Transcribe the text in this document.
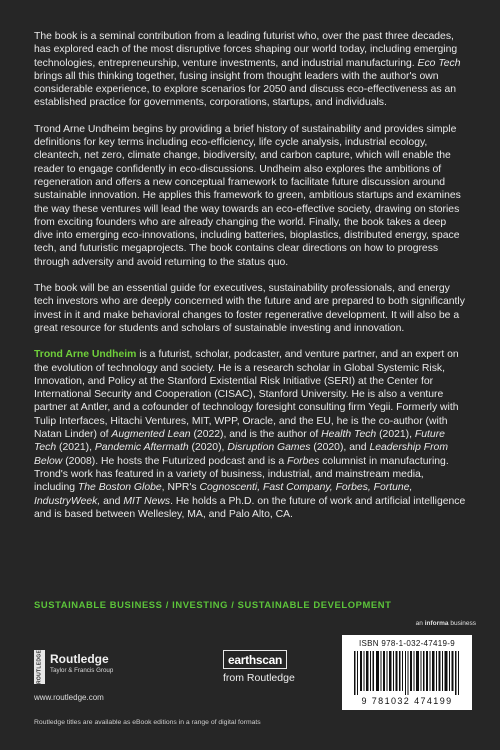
The book is a seminal contribution from a leading futurist who, over the past three decades, has explored each of the most disruptive forces shaping our world today, including emerging technologies, entrepreneurship, venture investments, and industrial manufacturing. Eco Tech brings all this thinking together, fusing insight from thought leaders with the author's own considerable experience, to explore scenarios for 2050 and discuss eco-effectiveness as an established practice for governments, corporations, startups, and individuals.

Trond Arne Undheim begins by providing a brief history of sustainability and provides simple definitions for key terms including eco-efficiency, life cycle analysis, industrial ecology, cleantech, net zero, climate change, biodiversity, and carbon capture, which will enable the reader to engage confidently in eco-discussions. Undheim also explores the ambitions of regeneration and offers a new conceptual framework to facilitate future discussion around sustainable innovation. He applies this framework to green, ambitious startups and examines the way these ventures will lead the way towards an eco-effective society, drawing on stories from exciting founders who are already changing the world. Finally, the book takes a deep dive into emerging eco-innovations, including batteries, bioplastics, distributed energy, space tech, and futuristic megaprojects. The book contains clear directions on how to progress through adversity and avoid returning to the status quo.

The book will be an essential guide for executives, sustainability professionals, and energy tech investors who are deeply concerned with the future and are prepared to both significantly invest in it and make behavioral changes to foster regenerative development. It will also be a great resource for students and scholars of sustainable investing and innovation.

Trond Arne Undheim is a futurist, scholar, podcaster, and venture partner, and an expert on the evolution of technology and society. He is a research scholar in Global Systemic Risk, Innovation, and Policy at the Stanford Existential Risk Initiative (SERI) at the Center for International Security and Cooperation (CISAC), Stanford University. He is also a venture partner at Antler, and a cofounder of technology foresight consulting firm Yegii. Formerly with Tulip Interfaces, Hitachi Ventures, MIT, WPP, Oracle, and the EU, he is the co-author (with Natan Linder) of Augmented Lean (2022), and is the author of Health Tech (2021), Future Tech (2021), Pandemic Aftermath (2020), Disruption Games (2020), and Leadership From Below (2008). He hosts the Futurized podcast and is a Forbes columnist in manufacturing. Trond's work has featured in a variety of business, industrial, and mainstream media, including The Boston Globe, NPR's Cognoscenti, Fast Company, Forbes, Fortune, IndustryWeek, and MIT News. He holds a Ph.D. on the future of work and artificial intelligence and is based between Wellesley, MA, and Palo Alto, CA.

SUSTAINABLE BUSINESS / INVESTING / SUSTAINABLE DEVELOPMENT
an informa business
ROUTLEDGE Routledge
Taylor & Francis Group
www.routledge.com
earthscan
from Routledge
ISBN 978-1-032-47419-9
9 781032 474199
Routledge titles are available as eBook editions in a range of digital formats
